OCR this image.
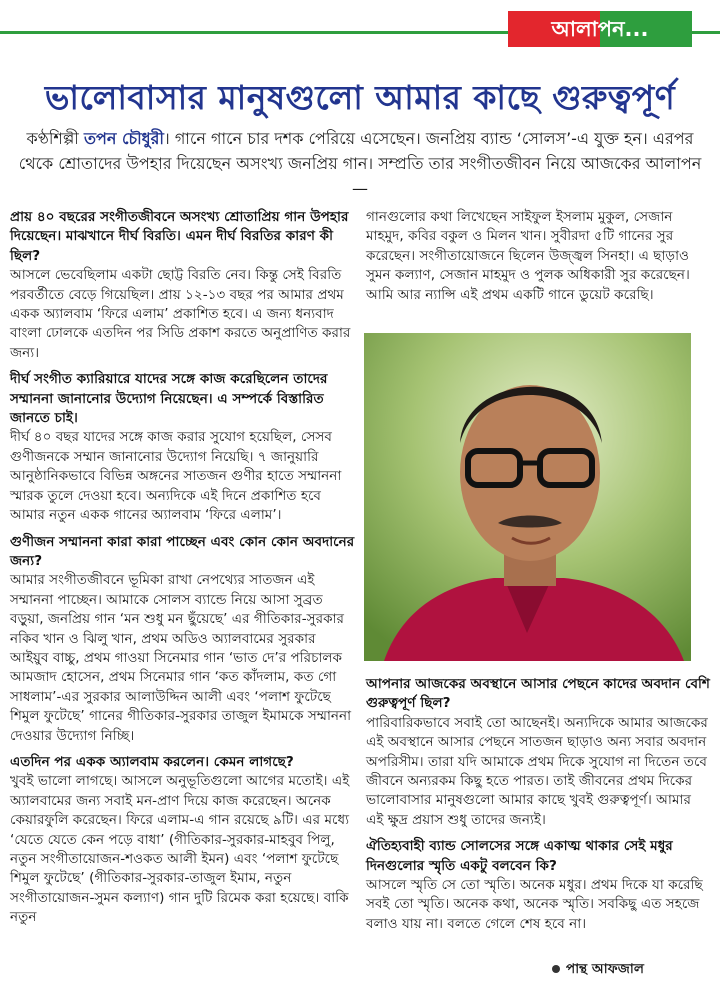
আলাপন...
ভালোবাসার মানুষগুলো আমার কাছে গুরুত্বপূর্ণ
কণ্ঠশিল্পী তপন চৌধুরী। গানে গানে চার দশক পেরিয়ে এসেছেন। জনপ্রিয় ব্যান্ড ‘সোলস’-এ যুক্ত হন। এরপর থেকে শ্রোতাদের উপহার দিয়েছেন অসংখ্য জনপ্রিয় গান। সম্প্রতি তার সংগীতজীবন নিয়ে আজকের আলাপন—

প্রায় ৪০ বছরের সংগীতজীবনে অসংখ্য শ্রোতাপ্রিয় গান উপহার দিয়েছেন। মাঝখানে দীর্ঘ বিরতি। এমন দীর্ঘ বিরতির কারণ কী ছিল?

আসলে ভেবেছিলাম একটা ছোট্ট বিরতি নেব। কিন্তু সেই বিরতি পরবর্তীতে বেড়ে গিয়েছিল। প্রায় ১২-১৩ বছর পর আমার প্রথম একক অ্যালবাম ‘ফিরে এলাম’ প্রকাশিত হবে। এ জন্য ধন্যবাদ বাংলা ঢোলকে এতদিন পর সিডি প্রকাশ করতে অনুপ্রাণিত করার জন্য।

দীর্ঘ সংগীত ক্যারিয়ারে যাদের সঙ্গে কাজ করেছিলেন তাদের সম্মাননা জানানোর উদ্যোগ নিয়েছেন। এ সম্পর্কে বিস্তারিত জানতে চাই।

দীর্ঘ ৪০ বছর যাদের সঙ্গে কাজ করার সুযোগ হয়েছিল, সেসব গুণীজনকে সম্মান জানানোর উদ্যোগ নিয়েছি। ৭ জানুয়ারি আনুষ্ঠানিকভাবে বিভিন্ন অঙ্গনের সাতজন গুণীর হাতে সম্মাননা স্মারক তুলে দেওয়া হবে। অন্যদিকে এই দিনে প্রকাশিত হবে আমার নতুন একক গানের অ্যালবাম ‘ফিরে এলাম’।

গুণীজন সম্মাননা কারা কারা পাচ্ছেন এবং কোন কোন অবদানের জন্য?

আমার সংগীতজীবনে ভূমিকা রাখা নেপথ্যের সাতজন এই সম্মাননা পাচ্ছেন। আমাকে সোলস ব্যান্ডে নিয়ে আসা সুব্রত বড়ুয়া, জনপ্রিয় গান ‘মন শুধু মন ছুঁয়েছে’ এর গীতিকার-সুরকার নকিব খান ও ঝিলু খান, প্রথম অডিও অ্যালবামের সুরকার আইয়ুব বাচ্চু, প্রথম গাওয়া সিনেমার গান ‘ভাত দে’র পরিচালক আমজাদ হোসেন, প্রথম সিনেমার গান ‘কত কাঁদলাম, কত গো সাধলাম’-এর সুরকার আলাউদ্দিন আলী এবং ‘পলাশ ফুটেছে শিমুল ফুটেছে’ গানের গীতিকার-সুরকার তাজুল ইমামকে সম্মাননা দেওয়ার উদ্যোগ নিচ্ছি।

এতদিন পর একক অ্যালবাম করলেন। কেমন লাগছে?

খুবই ভালো লাগছে। আসলে অনুভূতিগুলো আগের মতোই। এই অ্যালবামের জন্য সবাই মন-প্রাণ দিয়ে কাজ করেছেন। অনেক কেয়ারফুলি করেছেন। ফিরে এলাম-এ গান রয়েছে ৯টি। এর মধ্যে ‘যেতে যেতে কেন পড়ে বাধা’ (গীতিকার-সুরকার-মাহবুব পিলু, নতুন সংগীতায়োজন-শওকত আলী ইমন) এবং ‘পলাশ ফুটেছে শিমুল ফুটেছে’ (গীতিকার-সুরকার-তাজুল ইমাম, নতুন সংগীতায়োজন-সুমন কল্যাণ) গান দুটি রিমেক করা হয়েছে। বাকি নতুন

গানগুলোর কথা লিখেছেন সাইফুল ইসলাম মুকুল, সেজান মাহমুদ, কবির বকুল ও মিলন খান। সুবীরদা ৫টি গানের সুর করেছেন। সংগীতায়োজনে ছিলেন উজ্জ্বল সিনহা। এ ছাড়াও সুমন কল্যাণ, সেজান মাহমুদ ও পুলক অধিকারী সুর করেছেন। আমি আর ন্যান্সি এই প্রথম একটি গানে ডুয়েট করেছি।

আপনার আজকের অবস্থানে আসার পেছনে কাদের অবদান বেশি গুরুত্বপূর্ণ ছিল?

পারিবারিকভাবে সবাই তো আছেনই। অন্যদিকে আমার আজকের এই অবস্থানে আসার পেছনে সাতজন ছাড়াও অন্য সবার অবদান অপরিসীম। তারা যদি আমাকে প্রথম দিকে সুযোগ না দিতেন তবে জীবনে অন্যরকম কিছু হতে পারত। তাই জীবনের প্রথম দিকের ভালোবাসার মানুষগুলো আমার কাছে খুবই গুরুত্বপূর্ণ। আমার এই ক্ষুদ্র প্রয়াস শুধু তাদের জন্যই।

ঐতিহ্যবাহী ব্যান্ড সোলসের সঙ্গে একাত্ম থাকার সেই মধুর দিনগুলোর স্মৃতি একটু বলবেন কি?

আসলে স্মৃতি সে তো স্মৃতি। অনেক মধুর। প্রথম দিকে যা করেছি সবই তো স্মৃতি। অনেক কথা, অনেক স্মৃতি। সবকিছু এত সহজে বলাও যায় না। বলতে গেলে শেষ হবে না।

পান্থ আফজাল
